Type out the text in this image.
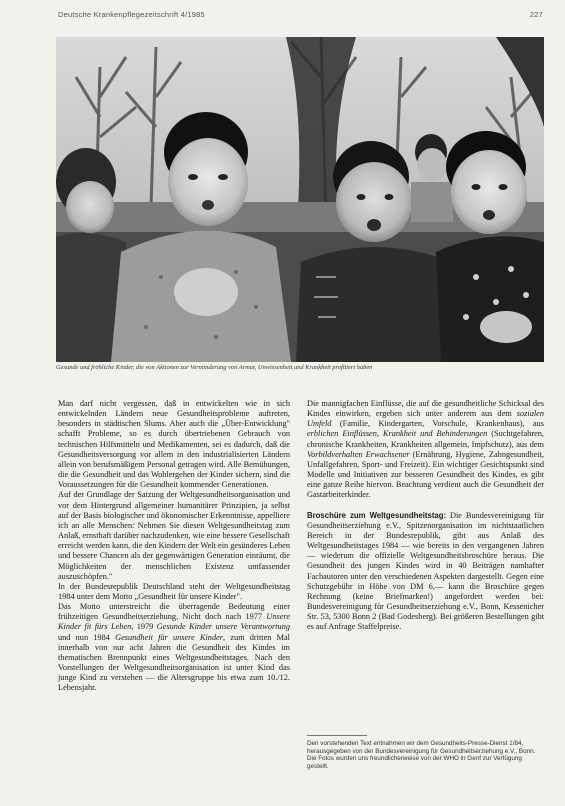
Deutsche Krankenpflegezeitschrift 4/1985	227
Gesunde und fröhliche Kinder, die von Aktionen zur Verminderung von Armut, Unwissenheit und Krankheit profitiert haben

Man darf nicht vergessen, daß in entwickelten wie in sich entwickelnden Ländern neue Gesundheitsprobleme auftreten, besonders in städtischen Slums. Aber auch die „Über-Entwicklung" schafft Probleme, so es durch übertriebenen Gebrauch von technischen Hilfsmitteln und Medikamenten, sei es dadurch, daß die Gesundheitsversorgung vor allem in den industrialisierten Ländern allein von berufsmäßigem Personal getragen wird. Alle Bemühungen, die die Gesundheit und das Wohlergehen der Kinder sichern, sind die Voraussetzungen für die Gesundheit kommender Generationen.

Auf der Grundlage der Satzung der Weltgesundheitsorganisation und vor dem Hintergrund allgemeiner humanitärer Prinzipien, ja selbst auf der Basis biologischer und ökonomischer Erkenntnisse, appelliere ich an alle Menschen: Nehmen Sie diesen Weltgesundheitstag zum Anlaß, ernsthaft darüber nachzudenken, wie eine bessere Gesellschaft erreicht werden kann, die den Kindern der Welt ein gesünderes Leben und bessere Chancen als der gegenwärtigen Generation einräumt, die Möglichkeiten der menschlichen Existenz umfassender auszuschöpfen."

In der Bundesrepublik Deutschland steht der Weltgesundheitstag 1984 unter dem Motto „Gesundheit für unsere Kinder".

Das Motto unterstreicht die überragende Bedeutung einer frühzeitigen Gesundheitserziehung. Nicht doch nach 1977 Unsere Kinder fit fürs Leben, 1979 Gesunde Kinder unsere Verantwortung und nun 1984 Gesundheit für unsere Kinder, zum dritten Mal innerhalb von nur acht Jahren die Gesundheit des Kindes im thematischen Brennpunkt eines Weltgesundheitstages. Nach den Vorstellungen der Weltgesundheitsorganisation ist unter Kind das junge Kind zu verstehen — die Altersgruppe bis etwa zum 10./12. Lebensjahr.

Die mannigfachen Einflüsse, die auf die gesundheitliche Schicksal des Kindes einwirken, ergeben sich unter anderem aus dem sozialen Umfeld (Familie, Kindergarten, Vorschule, Krankenhaus), aus erblichen Einflüssen, Krankheit und Behinderungen (Suchtgefahren, chronische Krankheiten, Krankheiten allgemein, Impfschutz), aus dem Vorbildverhalten Erwachsener (Ernährung, Hygiene, Zahngesundheit, Unfallgefahren, Sport- und Freizeit). Ein wichtiger Gesichtspunkt sind Modelle und Initiativen zur besseren Gesundheit des Kindes, es gibt eine ganze Reihe hiervon. Beachtung verdient auch die Gesundheit der Gastarbeiterkinder.

Broschüre zum Weltgesundheitstag: Die Bundesvereinigung für Gesundheitserziehung e.V., Spitzenorganisation im nichtstaatlichen Bereich in der Bundesrepublik, gibt aus Anlaß des Weltgesundheitstages 1984 — wie bereits in den vergangenen Jahren — wiederum die offizielle Weltgesundheitsbroschüre heraus. Die Gesundheit des jungen Kindes wird in 40 Beiträgen namhafter Fachautoren unter den verschiedenen Aspekten dargestellt. Gegen eine Schutzgebühr in Höhe von DM 6,— kann die Broschüre gegen Rechnung (keine Briefmarken!) angefordert werden bei: Bundesvereinigung für Gesundheitserziehung e.V., Bonn, Kessenicher Str. 53, 5300 Bonn 2 (Bad Godesberg). Bei größeren Bestellungen gibt es auf Anfrage Staffelpreise.

Den vorstehenden Text entnahmen wir dem Gesundheits-Presse-Dienst 1/84, herausgegeben von der Bundesvereinigung für Gesundheitserziehung e.V., Bonn. Die Fotos wurden uns freundlicherweise von der WHO in Genf zur Verfügung gestellt.
